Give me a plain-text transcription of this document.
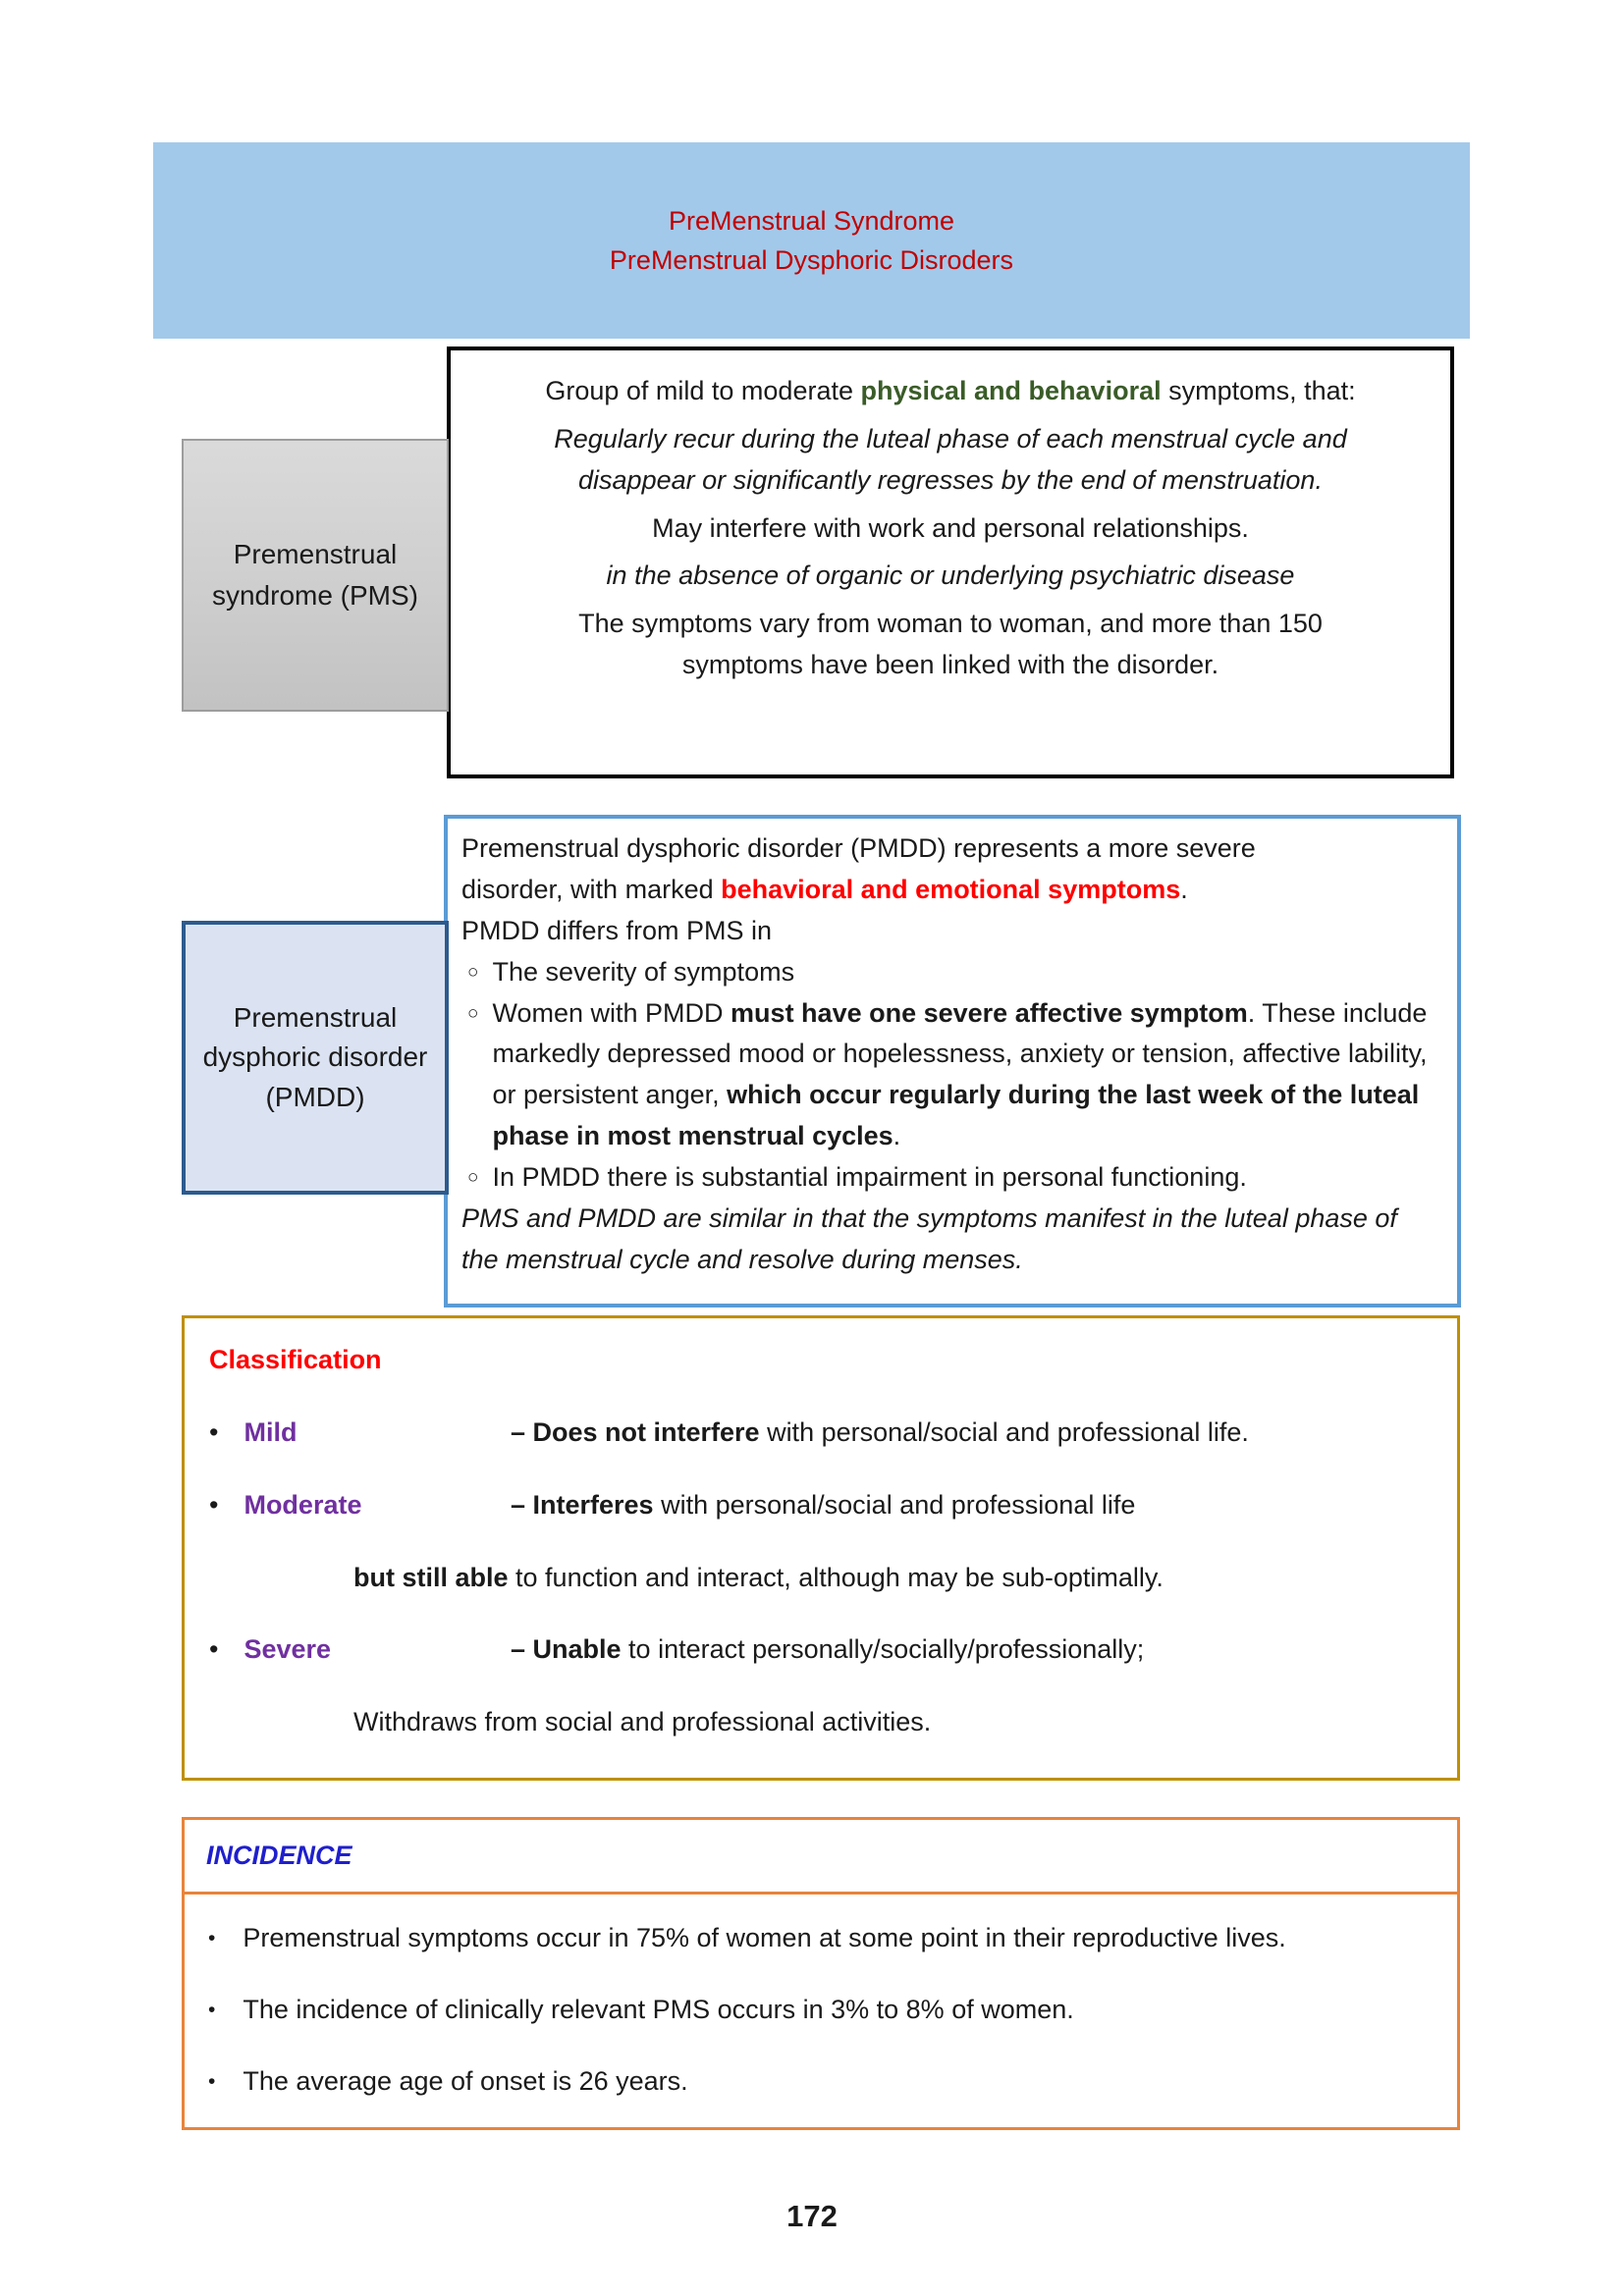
PreMenstrual Syndrome
PreMenstrual Dysphoric Disroders

Group of mild to moderate physical and behavioral symptoms, that:

Regularly recur during the luteal phase of each menstrual cycle and disappear or significantly regresses by the end of menstruation.

May interfere with work and personal relationships.

in the absence of organic or underlying psychiatric disease

The symptoms vary from woman to woman, and more than 150 symptoms have been linked with the disorder.

Premenstrual syndrome (PMS)

Premenstrual dysphoric disorder (PMDD) represents a more severe disorder, with marked behavioral and emotional symptoms.

PMDD differs from PMS in

○ The severity of symptoms
○ Women with PMDD must have one severe affective symptom. These include markedly depressed mood or hopelessness, anxiety or tension, affective lability, or persistent anger, which occur regularly during the last week of the luteal phase in most menstrual cycles.
○ In PMDD there is substantial impairment in personal functioning.

PMS and PMDD are similar in that the symptoms manifest in the luteal phase of the menstrual cycle and resolve during menses.

Premenstrual dysphoric disorder (PMDD)
Classification
• Mild	– Does not interfere with personal/social and professional life.
• Moderate	– Interferes with personal/social and professional life
but still able to function and interact, although may be sub-optimally.
• Severe	– Unable to interact personally/socially/professionally;
Withdraws from social and professional activities.
INCIDENCE
• Premenstrual symptoms occur in 75% of women at some point in their reproductive lives.
• The incidence of clinically relevant PMS occurs in 3% to 8% of women.
• The average age of onset is 26 years.
172
